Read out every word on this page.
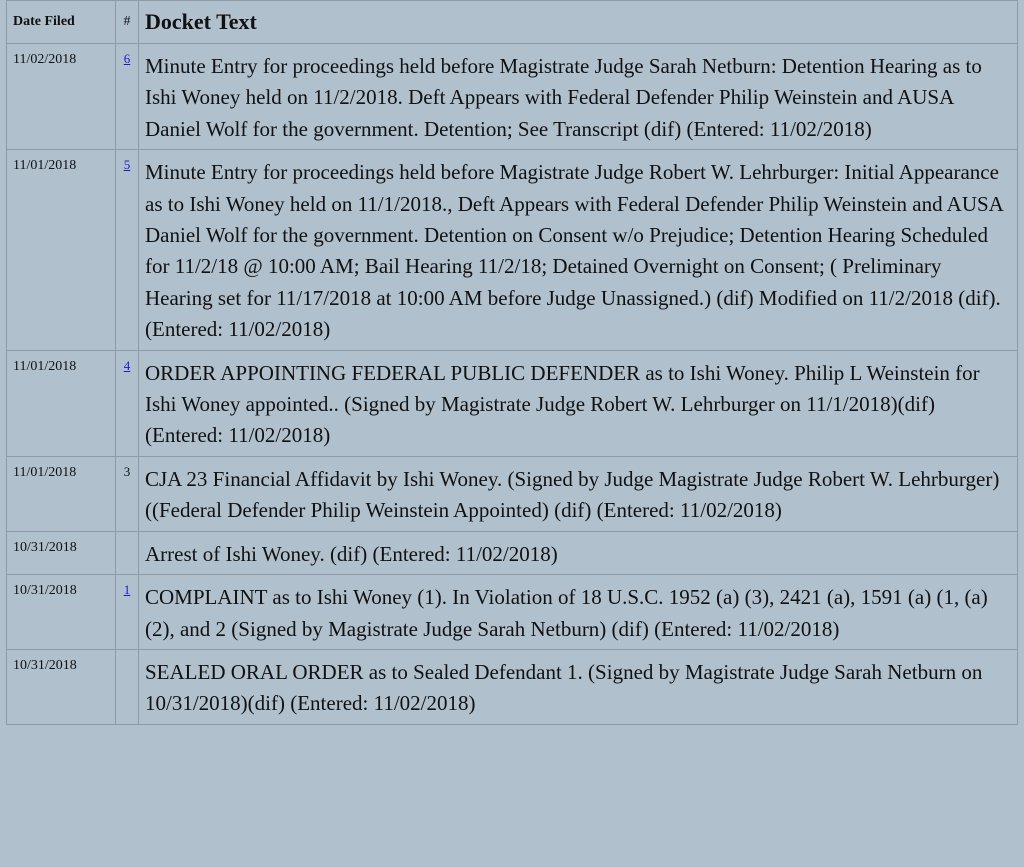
Date Filed	#	Docket Text
11/02/2018	6	Minute Entry for proceedings held before Magistrate Judge Sarah Netburn: Detention Hearing as to Ishi Woney held on 11/2/2018. Deft Appears with Federal Defender Philip Weinstein and AUSA Daniel Wolf for the government. Detention; See Transcript (dif) (Entered: 11/02/2018)
11/01/2018	5	Minute Entry for proceedings held before Magistrate Judge Robert W. Lehrburger: Initial Appearance as to Ishi Woney held on 11/1/2018., Deft Appears with Federal Defender Philip Weinstein and AUSA Daniel Wolf for the government. Detention on Consent w/o Prejudice; Detention Hearing Scheduled for 11/2/18 @ 10:00 AM; Bail Hearing 11/2/18; Detained Overnight on Consent; ( Preliminary Hearing set for 11/17/2018 at 10:00 AM before Judge Unassigned.) (dif) Modified on 11/2/2018 (dif). (Entered: 11/02/2018)
11/01/2018	4	ORDER APPOINTING FEDERAL PUBLIC DEFENDER as to Ishi Woney. Philip L Weinstein for Ishi Woney appointed.. (Signed by Magistrate Judge Robert W. Lehrburger on 11/1/2018)(dif) (Entered: 11/02/2018)
11/01/2018	3	CJA 23 Financial Affidavit by Ishi Woney. (Signed by Judge Magistrate Judge Robert W. Lehrburger) ((Federal Defender Philip Weinstein Appointed) (dif) (Entered: 11/02/2018)
10/31/2018		Arrest of Ishi Woney. (dif) (Entered: 11/02/2018)
10/31/2018	1	COMPLAINT as to Ishi Woney (1). In Violation of 18 U.S.C. 1952 (a) (3), 2421 (a), 1591 (a) (1, (a) (2), and 2 (Signed by Magistrate Judge Sarah Netburn) (dif) (Entered: 11/02/2018)
10/31/2018		SEALED ORAL ORDER as to Sealed Defendant 1. (Signed by Magistrate Judge Sarah Netburn on 10/31/2018)(dif) (Entered: 11/02/2018)
